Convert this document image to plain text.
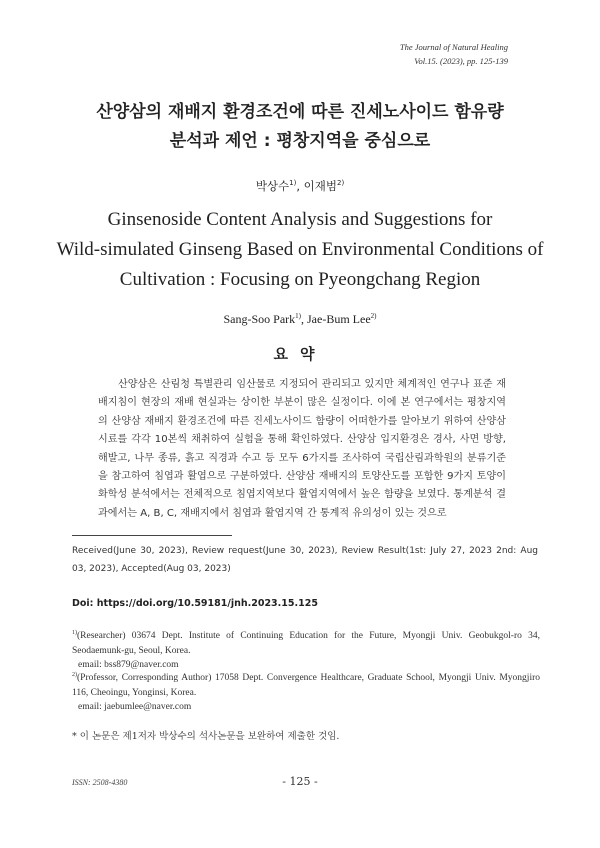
The Journal of Natural Healing
Vol.15. (2023), pp. 125-139
산양삼의 재배지 환경조건에 따른 진세노사이드 함유량
분석과 제언 : 평창지역을 중심으로
박상수$^{1)}$, 이재범$^{2)}$
Ginsenoside Content Analysis and Suggestions for
Wild-simulated Ginseng Based on Environmental Conditions of
Cultivation : Focusing on Pyeongchang Region
Sang-Soo Park$^{1)}$, Jae-Bum Lee$^{2)}$
요약

산양삼은 산림청 특별관리 임산물로 지정되어 관리되고 있지만 체계적인 연구나 표준 재배지침이 현장의 재배 현실과는 상이한 부분이 많은 실정이다. 이에 본 연구에서는 평창지역의 산양삼 재배지 환경조건에 따른 진세노사이드 함량이 어떠한가를 알아보기 위하여 산양삼 시료를 각각 10본씩 채취하여 실험을 통해 확인하였다. 산양삼 입지환경은 경사, 사면 방향, 해발고, 나무 종류, 흙고 직경과 수고 등 모두 6가지를 조사하여 국립산림과학원의 분류기준을 참고하여 침엽과 활엽으로 구분하였다. 산양삼 재배지의 토양산도를 포함한 9가지 토양이화학성 분석에서는 전체적으로 침엽지역보다 활엽지역에서 높은 함량을 보였다. 통계분석 결과에서는 A, B, C, 재배지에서 침엽과 활엽지역 간 통계적 유의성이 있는 것으로

Received(June 30, 2023), Review request(June 30, 2023), Review Result(1st: July 27, 2023 2nd: Aug 03, 2023), Accepted(Aug 03, 2023)

Doi: https://doi.org/10.59181/jnh.2023.15.125

$^{1)}$(Researcher) 03674 Dept. Institute of Continuing Education for the Future, Myongji Univ. Geobukgol-ro 34, Seodaemunk-gu, Seoul, Korea.
email: bss879@naver.com

$^{2)}$(Professor, Corresponding Author) 17058 Dept. Convergence Healthcare, Graduate School, Myongji Univ. Myongjiro 116, Cheoingu, Yonginsi, Korea.
email: jaebumlee@naver.com

* 이 논문은 제1저자 박상수의 석사논문을 보완하여 제출한 것임.
ISSN: 2508-4380	- 125 -
